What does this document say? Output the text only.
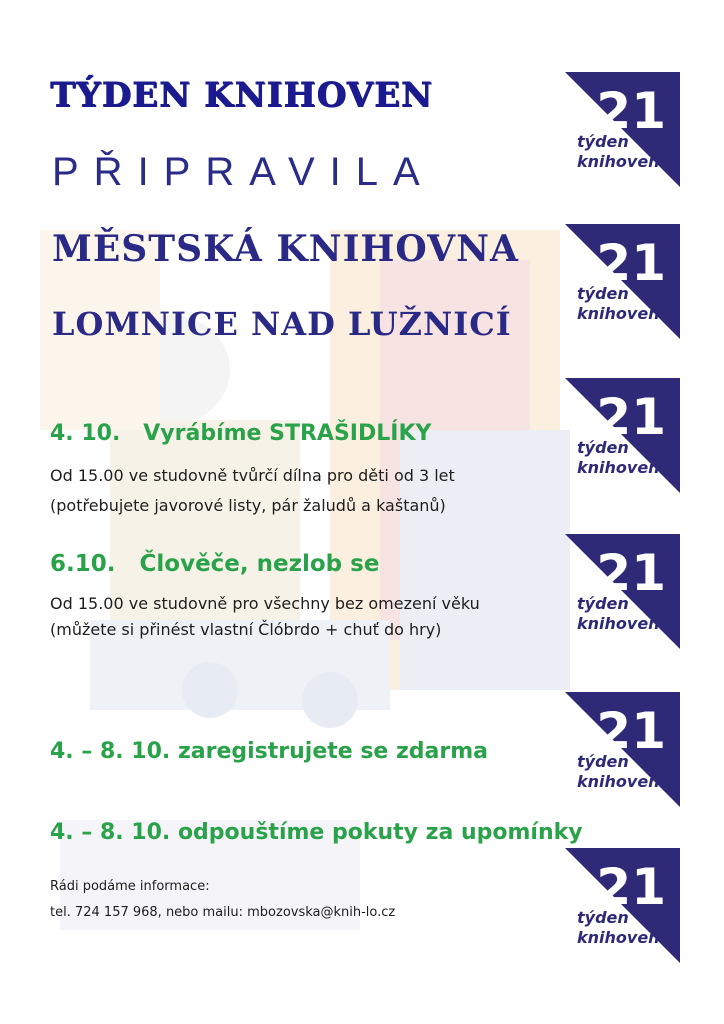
TÝDEN KNIHOVEN
PŘIPRAVILA
MĚSTSKÁ KNIHOVNA
LOMNICE NAD LUŽNICÍ
4. 10.   Vyrábíme STRAŠIDLÍKY
Od 15.00 ve studovně tvůrčí dílna pro děti od 3 let
(potřebujete javorové listy, pár žaludů a kaštanů)
6.10.   Člověče, nezlob se
Od 15.00 ve studovně pro všechny bez omezení věku
(můžete si přinést vlastní Člóbrdo + chuť do hry)
4. – 8. 10. zaregistrujete se zdarma
4. – 8. 10. odpouštíme pokuty za upomínky
Rádi podáme informace:
tel. 724 157 968, nebo mailu: mbozovska@knih-lo.cz
21
týden
knihoven
21
týden
knihoven
21
týden
knihoven
21
týden
knihoven
21
týden
knihoven
21
týden
knihoven
